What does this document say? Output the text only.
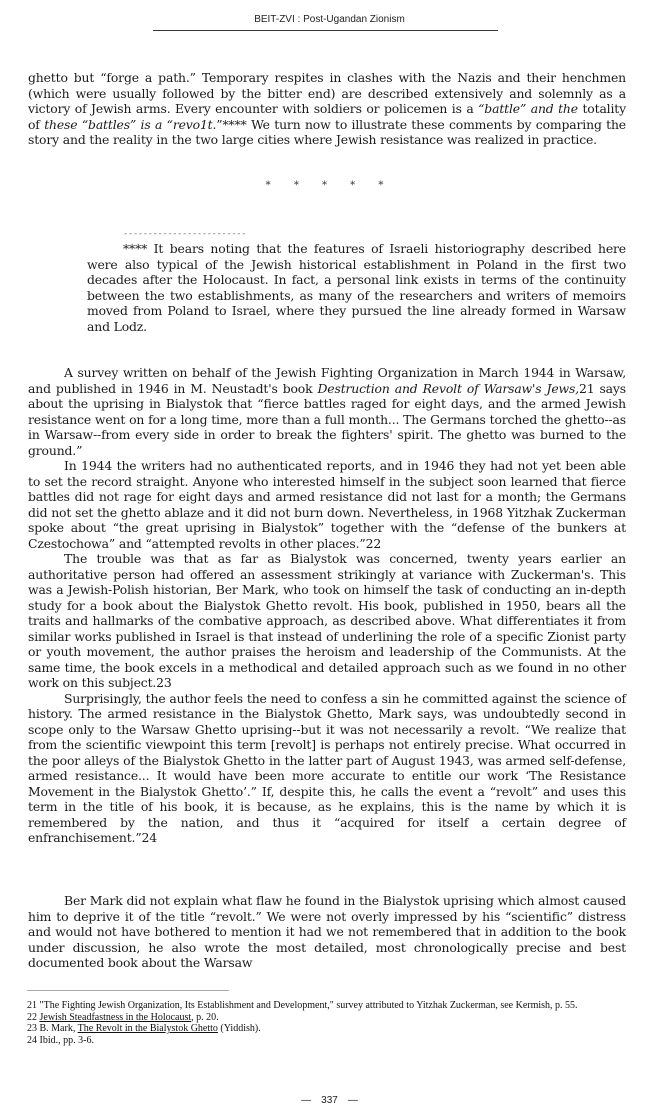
BEIT-ZVI : Post-Ugandan Zionism

ghetto but “forge a path.” Temporary respites in clashes with the Nazis and their henchmen (which were usually followed by the bitter end) are described extensively and solemnly as a victory of Jewish arms. Every encounter with soldiers or policemen is a “battle” and the totality of these “battles” is a “revo1t.”**** We turn now to illustrate these comments by comparing the story and the reality in the two large cities where Jewish resistance was realized in practice.

* * * * *
-------------------------

**** It bears noting that the features of Israeli historiography described here were also typical of the Jewish historical establishment in Poland in the first two decades after the Holocaust. In fact, a personal link exists in terms of the continuity between the two establishments, as many of the researchers and writers of memoirs moved from Poland to Israel, where they pursued the line already formed in Warsaw and Lodz.

A survey written on behalf of the Jewish Fighting Organization in March 1944 in Warsaw, and published in 1946 in M. Neustadt's book Destruction and Revolt of Warsaw's Jews,21 says about the uprising in Bialystok that “fierce battles raged for eight days, and the armed Jewish resistance went on for a long time, more than a full month... The Germans torched the ghetto--as in Warsaw--from every side in order to break the fighters' spirit. The ghetto was burned to the ground.”

In 1944 the writers had no authenticated reports, and in 1946 they had not yet been able to set the record straight. Anyone who interested himself in the subject soon learned that fierce battles did not rage for eight days and armed resistance did not last for a month; the Germans did not set the ghetto ablaze and it did not burn down. Nevertheless, in 1968 Yitzhak Zuckerman spoke about “the great uprising in Bialystok” together with the “defense of the bunkers at Czestochowa” and “attempted revolts in other places.”22

The trouble was that as far as Bialystok was concerned, twenty years earlier an authoritative person had offered an assessment strikingly at variance with Zuckerman's. This was a Jewish-Polish historian, Ber Mark, who took on himself the task of conducting an in-depth study for a book about the Bialystok Ghetto revolt. His book, published in 1950, bears all the traits and hallmarks of the combative approach, as described above. What differentiates it from similar works published in Israel is that instead of underlining the role of a specific Zionist party or youth movement, the author praises the heroism and leadership of the Communists. At the same time, the book excels in a methodical and detailed approach such as we found in no other work on this subject.23

Surprisingly, the author feels the need to confess a sin he committed against the science of history. The armed resistance in the Bialystok Ghetto, Mark says, was undoubtedly second in scope only to the Warsaw Ghetto uprising--but it was not necessarily a revolt. “We realize that from the scientific viewpoint this term [revolt] is perhaps not entirely precise. What occurred in the poor alleys of the Bialystok Ghetto in the latter part of August 1943, was armed self-defense, armed resistance... It would have been more accurate to entitle our work ‘The Resistance Movement in the Bialystok Ghetto’.” If, despite this, he calls the event a “revolt” and uses this term in the title of his book, it is because, as he explains, this is the name by which it is remembered by the nation, and thus it “acquired for itself a certain degree of enfranchisement.”24

Ber Mark did not explain what flaw he found in the Bialystok uprising which almost caused him to deprive it of the title “revolt.” We were not overly impressed by his “scientific” distress and would not have bothered to mention it had we not remembered that in addition to the book under discussion, he also wrote the most detailed, most chronologically precise and best documented book about the Warsaw

21 "The Fighting Jewish Organization, Its Establishment and Development," survey attributed to Yitzhak Zuckerman, see Kermish, p. 55.
22 Jewish Steadfastness in the Holocaust, p. 20.
23 B. Mark, The Revolt in the Bialystok Ghetto (Yiddish).
24 Ibid., pp. 3-6.
— 337 —
